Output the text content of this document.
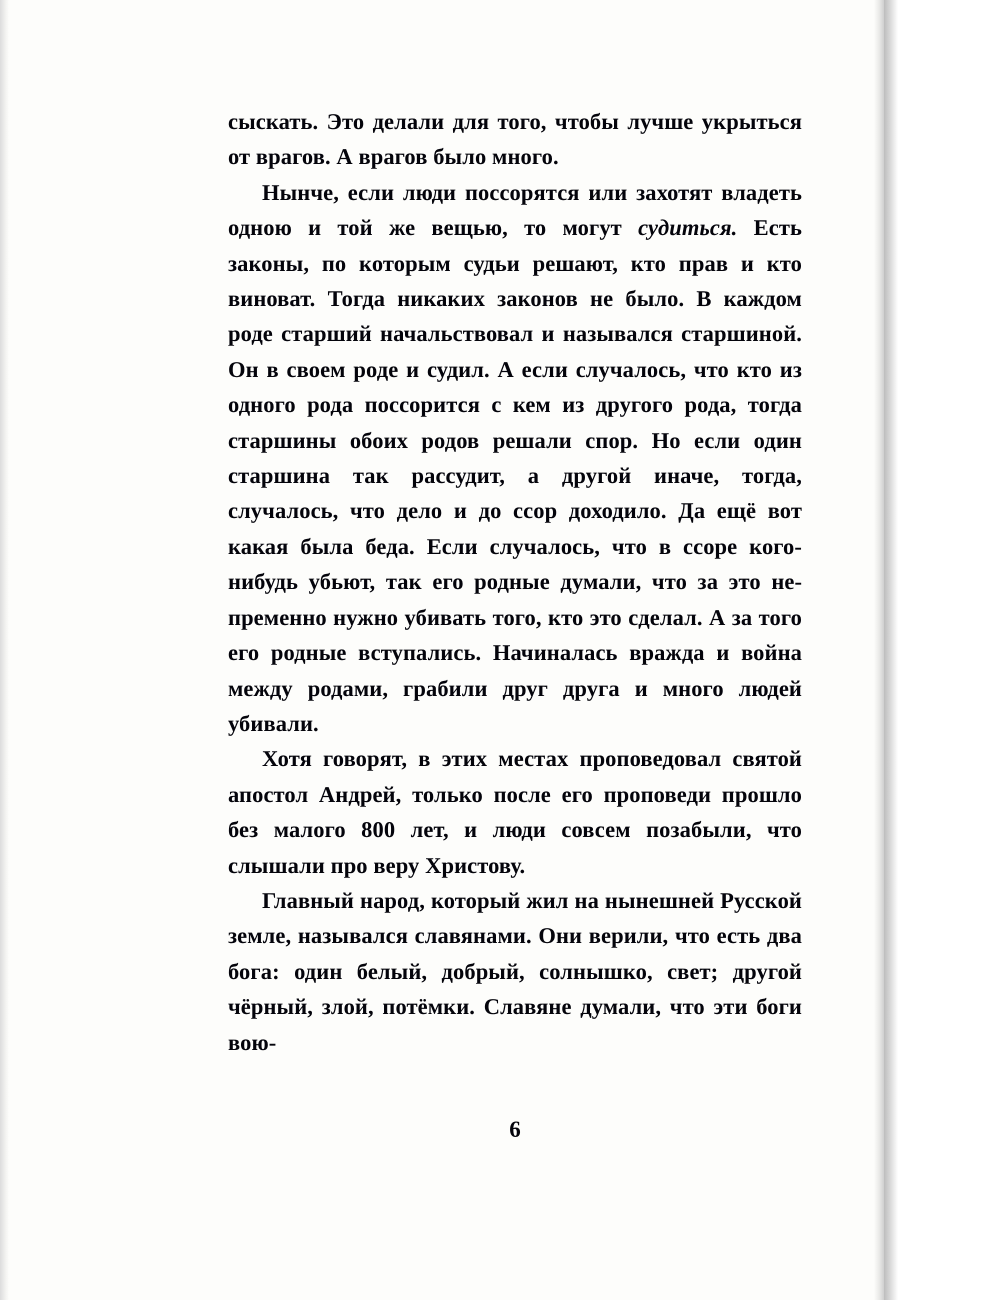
сыскать. Это делали для того, чтобы лучше укрыться от врагов. А врагов было много.

Нынче, если люди поссорятся или захотят владеть одною и той же вещью, то могут судиться. Есть законы, по которым судьи решают, кто прав и кто виноват. Тогда никаких законов не было. В каждом роде старший начальствовал и назывался старшиной. Он в своем роде и судил. А если случалось, что кто из одного рода поссорится с кем из другого рода, тогда старшины обоих родов решали спор. Но если один старшина так рассудит, а другой иначе, тогда, случалось, что дело и до ссор доходило. Да ещё вот какая была беда. Если случалось, что в ссоре кого-нибудь убьют, так его родные думали, что за это непременно нужно убивать того, кто это сделал. А за того его родные вступались. Начиналась вражда и война между родами, грабили друг друга и много людей убивали.

Хотя говорят, в этих местах проповедовал святой апостол Андрей, только после его проповеди прошло без малого 800 лет, и люди совсем позабыли, что слышали про веру Христову.

Главный народ, который жил на нынешней Русской земле, назывался славянами. Они верили, что есть два бога: один белый, добрый, солнышко, свет; другой чёрный, злой, потёмки. Славяне думали, что эти боги вою-

6
